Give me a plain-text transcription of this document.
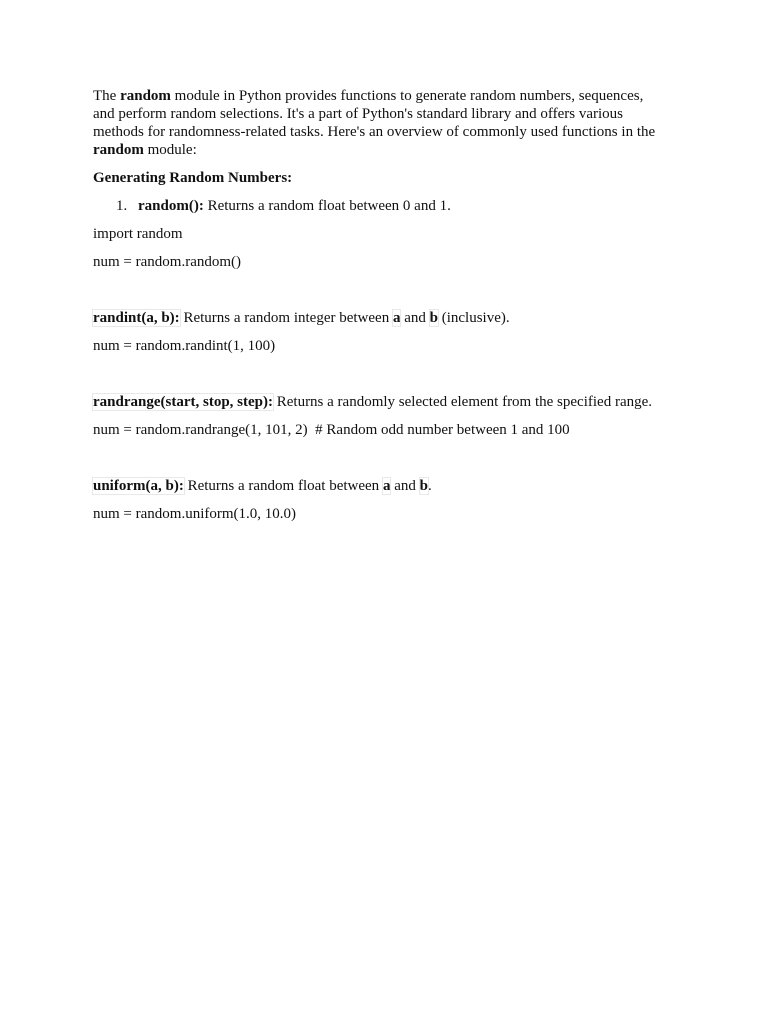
The random module in Python provides functions to generate random numbers, sequences,
and perform random selections. It's a part of Python's standard library and offers various
methods for randomness-related tasks. Here's an overview of commonly used functions in the
random module:

Generating Random Numbers:

1. random(): Returns a random float between 0 and 1.

import random

num = random.random()

randint(a, b): Returns a random integer between a and b (inclusive).

num = random.randint(1, 100)

randrange(start, stop, step): Returns a randomly selected element from the specified range.

num = random.randrange(1, 101, 2)  # Random odd number between 1 and 100

uniform(a, b): Returns a random float between a and b.

num = random.uniform(1.0, 10.0)
